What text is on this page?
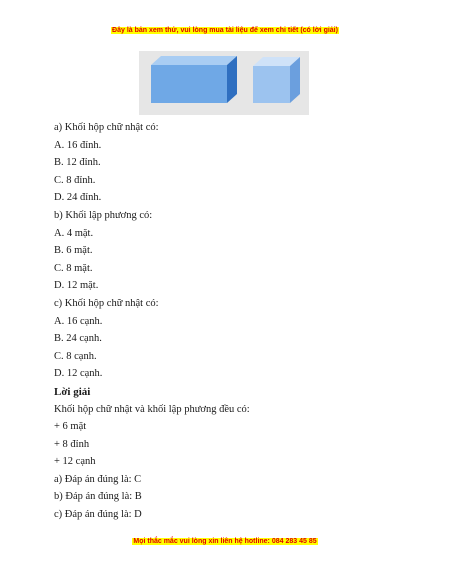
Đây là bản xem thử, vui lòng mua tài liệu để xem chi tiết (có lời giải)
a) Khối hộp chữ nhật có:
A. 16 đỉnh.
B. 12 đỉnh.
C. 8 đỉnh.
D. 24 đỉnh.
b) Khối lập phương có:
A. 4 mặt.
B. 6 mặt.
C. 8 mặt.
D. 12 mặt.
c) Khối hộp chữ nhật có:
A. 16 cạnh.
B. 24 cạnh.
C. 8 cạnh.
D. 12 cạnh.
Lời giải
Khối hộp chữ nhật và khối lập phương đều có:
+ 6 mặt
+ 8 đỉnh
+ 12 cạnh
a) Đáp án đúng là: C
b) Đáp án đúng là: B
c) Đáp án đúng là: D
Mọi thắc mắc vui lòng xin liên hệ hotline: 084 283 45 85
